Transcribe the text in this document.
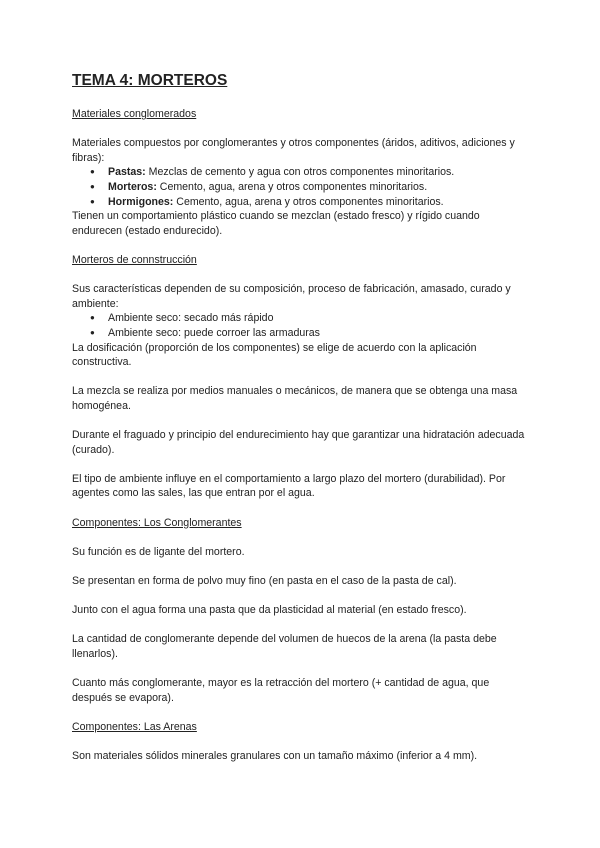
TEMA 4: MORTEROS

Materiales conglomerados

Materiales compuestos por conglomerantes y otros componentes (áridos, aditivos, adiciones y fibras):

● Pastas: Mezclas de cemento y agua con otros componentes minoritarios.
● Morteros: Cemento, agua, arena y otros componentes minoritarios.
● Hormigones: Cemento, agua, arena y otros componentes minoritarios.

Tienen un comportamiento plástico cuando se mezclan (estado fresco) y rígido cuando endurecen (estado endurecido).

Morteros de connstrucción

Sus características dependen de su composición, proceso de fabricación, amasado, curado y ambiente:

● Ambiente seco: secado más rápido
● Ambiente seco: puede corroer las armaduras

La dosificación (proporción de los componentes) se elige de acuerdo con la aplicación constructiva.

La mezcla se realiza por medios manuales o mecánicos, de manera que se obtenga una masa homogénea.

Durante el fraguado y principio del endurecimiento hay que garantizar una hidratación adecuada (curado).

El tipo de ambiente influye en el comportamiento a largo plazo del mortero (durabilidad). Por agentes como las sales, las que entran por el agua.

Componentes: Los Conglomerantes

Su función es de ligante del mortero.

Se presentan en forma de polvo muy fino (en pasta en el caso de la pasta de cal).

Junto con el agua forma una pasta que da plasticidad al material (en estado fresco).

La cantidad de conglomerante depende del volumen de huecos de la arena (la pasta debe llenarlos).

Cuanto más conglomerante, mayor es la retracción del mortero (+ cantidad de agua, que después se evapora).

Componentes: Las Arenas

Son materiales sólidos minerales granulares con un tamaño máximo (inferior a 4 mm).
